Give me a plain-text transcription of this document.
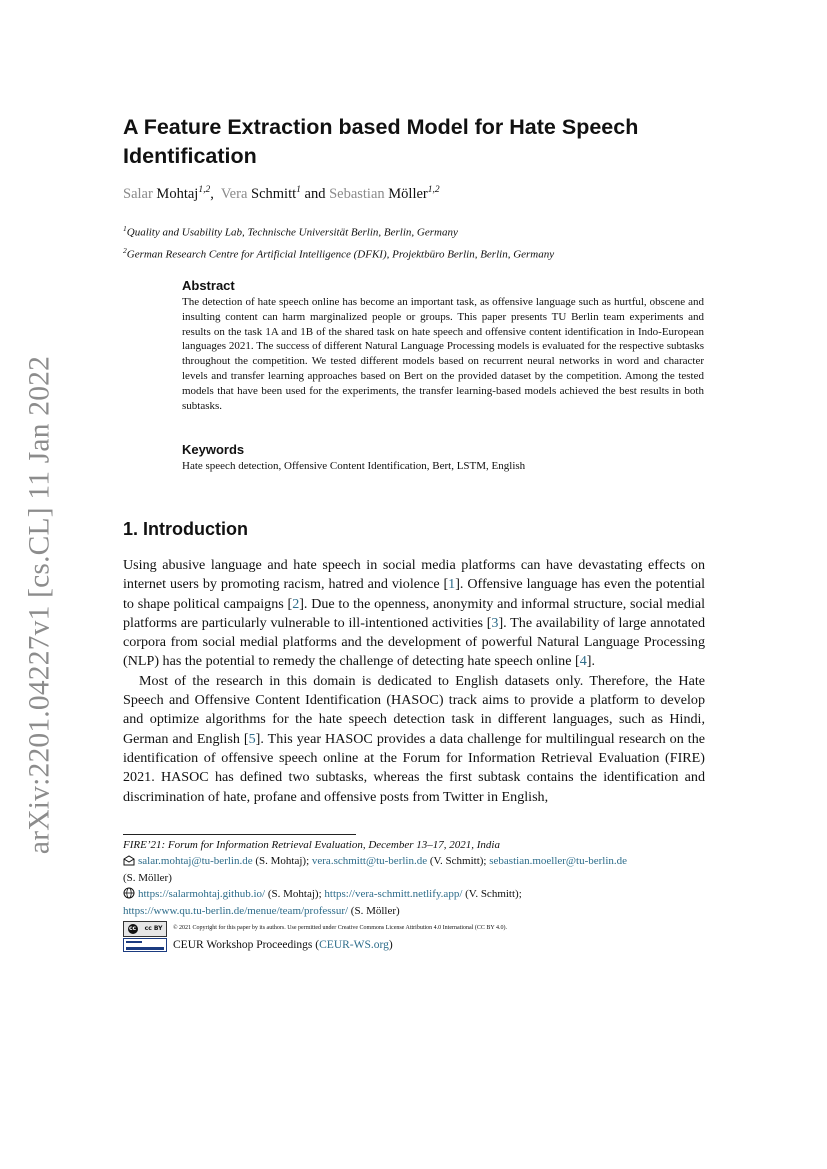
arXiv:2201.04227v1 [cs.CL] 11 Jan 2022
A Feature Extraction based Model for Hate Speech Identification
Salar Mohtaj$^{1,2}$,  Vera Schmitt$^1$ and Sebastian Möller$^{1,2}$
$^1$Quality and Usability Lab, Technische Universität Berlin, Berlin, Germany
$^2$German Research Centre for Artificial Intelligence (DFKI), Projektbüro Berlin, Berlin, Germany
Abstract

The detection of hate speech online has become an important task, as offensive language such as hurtful, obscene and insulting content can harm marginalized people or groups. This paper presents TU Berlin team experiments and results on the task 1A and 1B of the shared task on hate speech and offensive content identification in Indo-European languages 2021. The success of different Natural Language Processing models is evaluated for the respective subtasks throughout the competition. We tested different models based on recurrent neural networks in word and character levels and transfer learning approaches based on Bert on the provided dataset by the competition. Among the tested models that have been used for the experiments, the transfer learning-based models achieved the best results in both subtasks.

Keywords

Hate speech detection, Offensive Content Identification, Bert, LSTM, English

1. Introduction

Using abusive language and hate speech in social media platforms can have devastating effects on internet users by promoting racism, hatred and violence [1]. Offensive language has even the potential to shape political campaigns [2]. Due to the openness, anonymity and informal structure, social medial platforms are particularly vulnerable to ill-intentioned activities [3]. The availability of large annotated corpora from social medial platforms and the development of powerful Natural Language Processing (NLP) has the potential to remedy the challenge of detecting hate speech online [4].

Most of the research in this domain is dedicated to English datasets only. Therefore, the Hate Speech and Offensive Content Identification (HASOC) track aims to provide a platform to develop and optimize algorithms for the hate speech detection task in different languages, such as Hindi, German and English [5]. This year HASOC provides a data challenge for multilingual research on the identification of offensive speech online at the Forum for Information Retrieval Evaluation (FIRE) 2021. HASOC has defined two subtasks, whereas the first subtask contains the identification and discrimination of hate, profane and offensive posts from Twitter in English,

FIRE’21: Forum for Information Retrieval Evaluation, December 13–17, 2021, India
salar.mohtaj@tu-berlin.de (S. Mohtaj); vera.schmitt@tu-berlin.de (V. Schmitt); sebastian.moeller@tu-berlin.de
(S. Möller)
https://salarmohtaj.github.io/ (S. Mohtaj); https://vera-schmitt.netlify.app/ (V. Schmitt);
https://www.qu.tu-berlin.de/menue/team/professur/ (S. Möller)
cc cc BY © 2021 Copyright for this paper by its authors. Use permitted under Creative Commons License Attribution 4.0 International (CC BY 4.0).
CEUR Workshop Proceedings (CEUR-WS.org)
